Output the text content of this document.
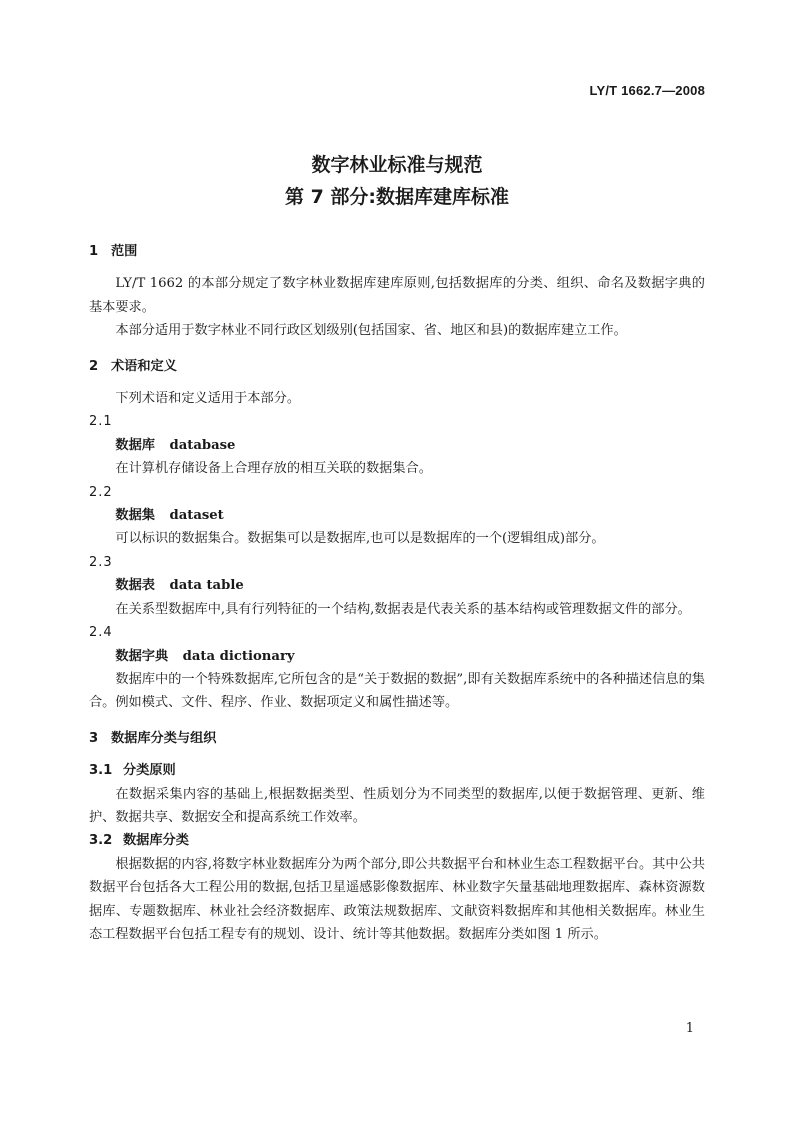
LY/T 1662.7—2008
数字林业标准与规范
第 7 部分:数据库建库标准
1 范围

LY/T 1662 的本部分规定了数字林业数据库建库原则,包括数据库的分类、组织、命名及数据字典的基本要求。

本部分适用于数字林业不同行政区划级别(包括国家、省、地区和县)的数据库建立工作。

2 术语和定义

下列术语和定义适用于本部分。

2.1
数据库 database

在计算机存储设备上合理存放的相互关联的数据集合。

2.2
数据集 dataset

可以标识的数据集合。数据集可以是数据库,也可以是数据库的一个(逻辑组成)部分。

2.3
数据表 data table

在关系型数据库中,具有行列特征的一个结构,数据表是代表关系的基本结构或管理数据文件的部分。

2.4
数据字典 data dictionary

数据库中的一个特殊数据库,它所包含的是“关于数据的数据”,即有关数据库系统中的各种描述信息的集合。例如模式、文件、程序、作业、数据项定义和属性描述等。

3 数据库分类与组织
3.1 分类原则

在数据采集内容的基础上,根据数据类型、性质划分为不同类型的数据库,以便于数据管理、更新、维护、数据共享、数据安全和提高系统工作效率。

3.2 数据库分类

根据数据的内容,将数字林业数据库分为两个部分,即公共数据平台和林业生态工程数据平台。其中公共数据平台包括各大工程公用的数据,包括卫星遥感影像数据库、林业数字矢量基础地理数据库、森林资源数据库、专题数据库、林业社会经济数据库、政策法规数据库、文献资料数据库和其他相关数据库。林业生态工程数据平台包括工程专有的规划、设计、统计等其他数据。数据库分类如图 1 所示。

1
